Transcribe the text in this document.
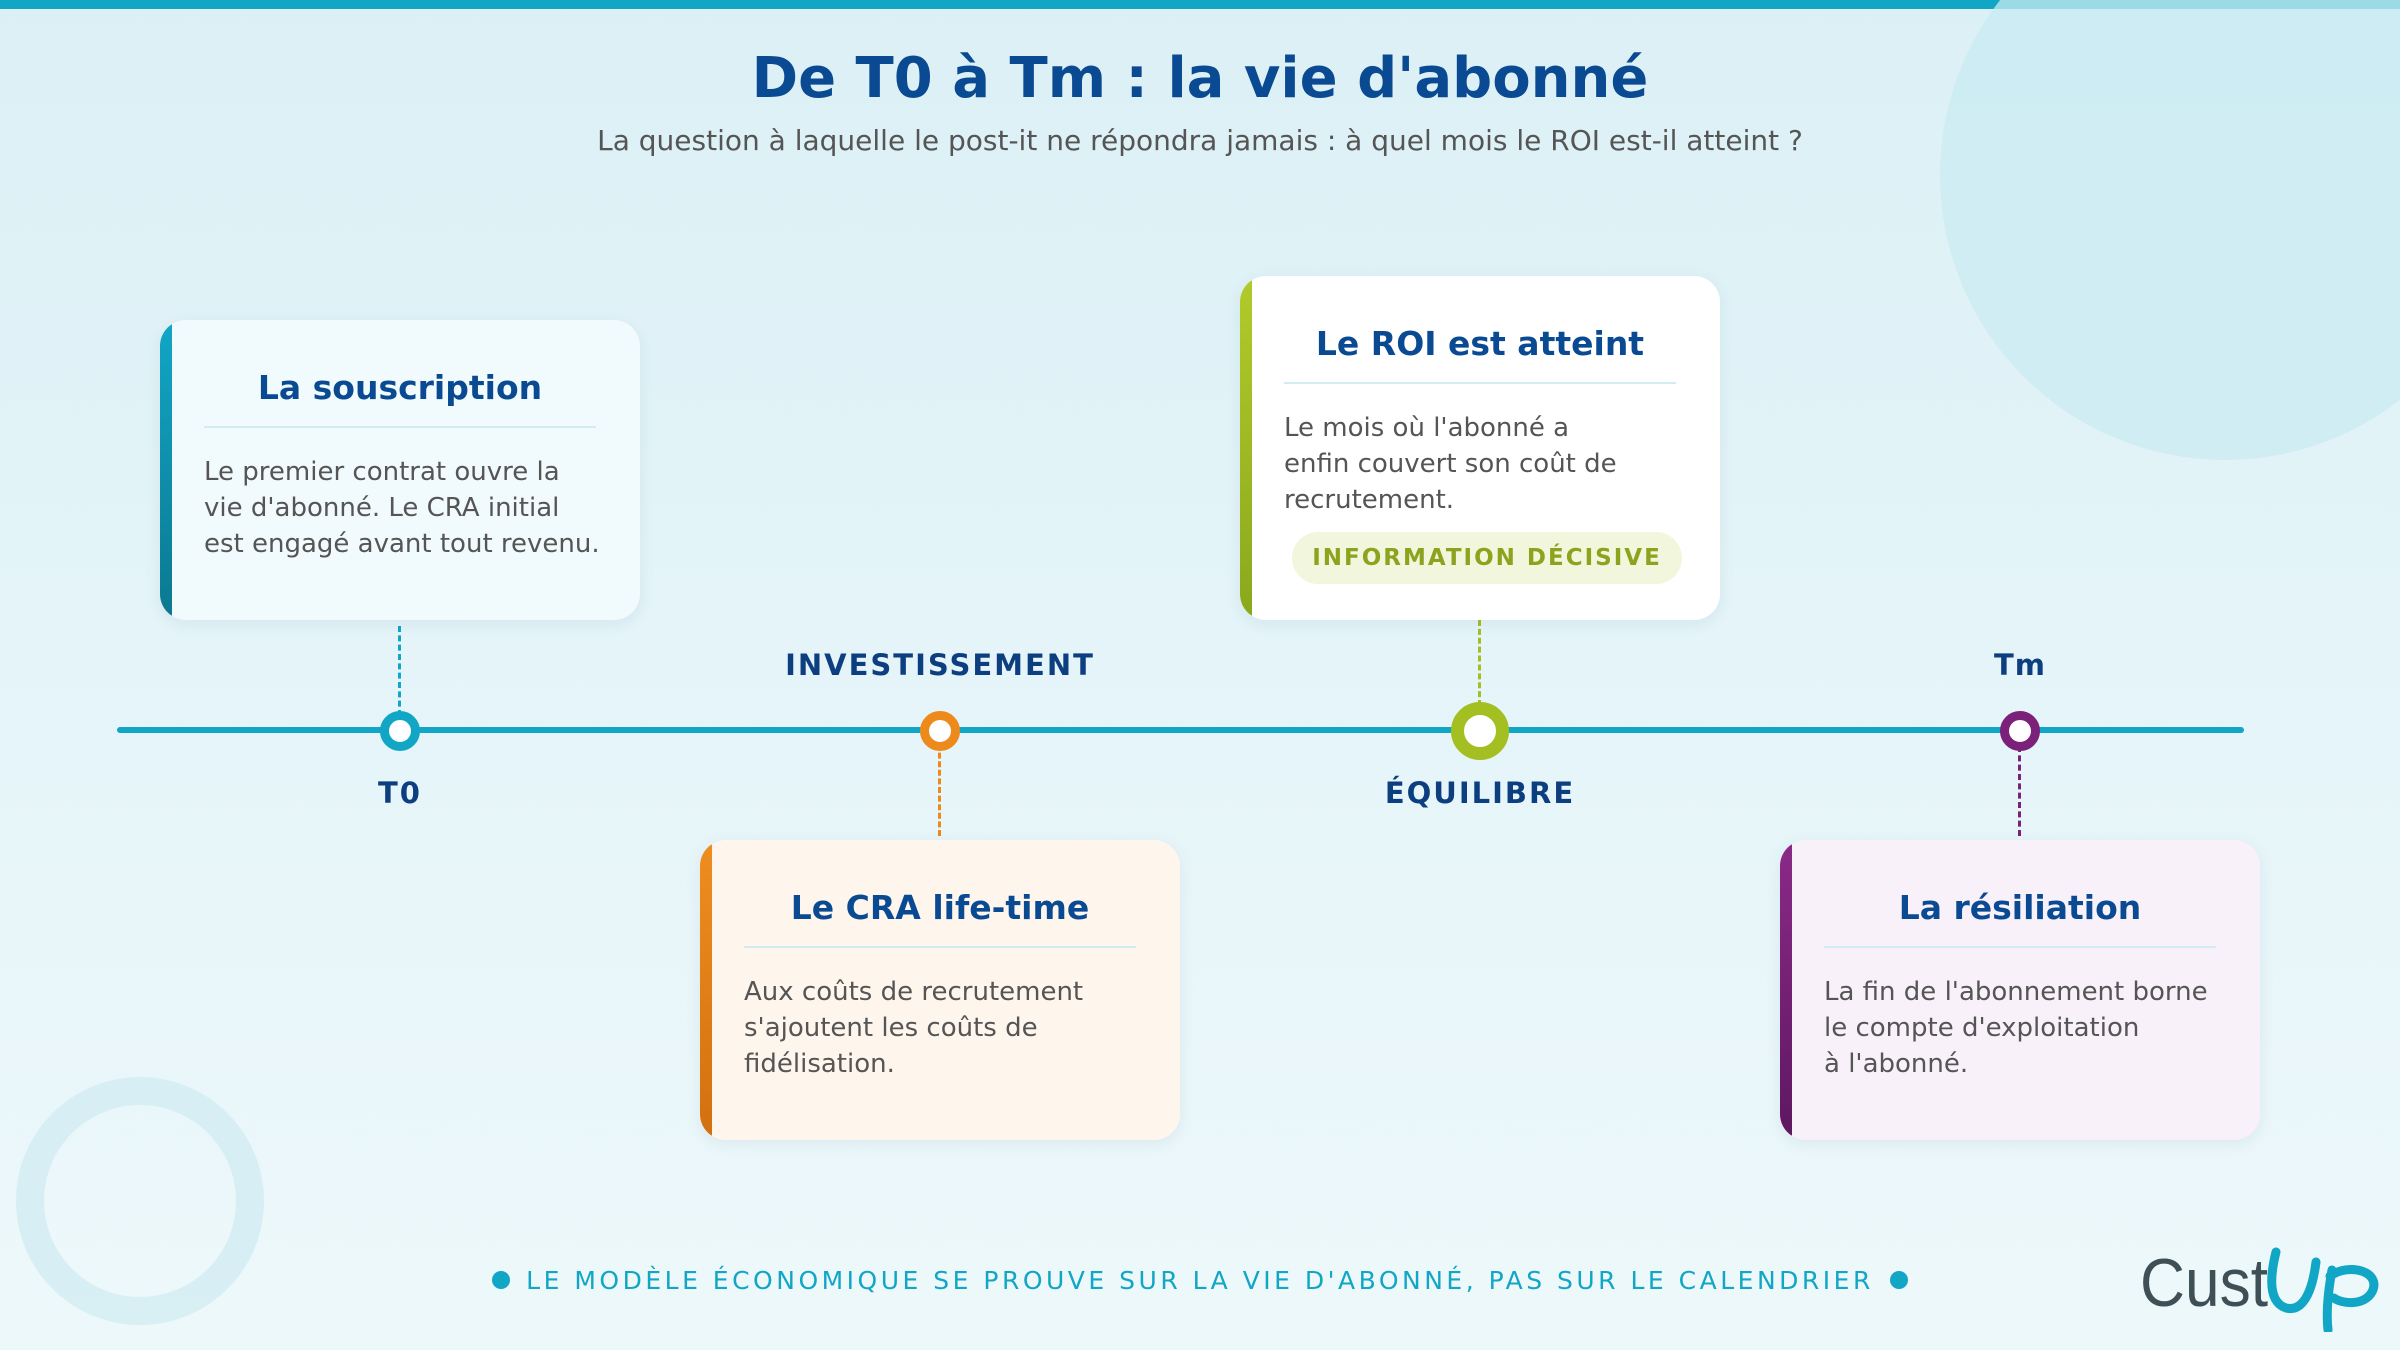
De T0 à Tm : la vie d'abonné

La question à laquelle le post-it ne répondra jamais : à quel mois le ROI est-il atteint ?

T0
INVESTISSEMENT
ÉQUILIBRE
Tm
La souscription
Le premier contrat ouvre la
vie d'abonné. Le CRA initial
est engagé avant tout revenu.
Le CRA life-time
Aux coûts de recrutement
s'ajoutent les coûts de
fidélisation.
Le ROI est atteint
Le mois où l'abonné a
enfin couvert son coût de
recrutement.
INFORMATION DÉCISIVE
La résiliation
La fin de l'abonnement borne
le compte d'exploitation
à l'abonné.
LE MODÈLE ÉCONOMIQUE SE PROUVE SUR LA VIE D'ABONNÉ, PAS SUR LE CALENDRIER	Cust
